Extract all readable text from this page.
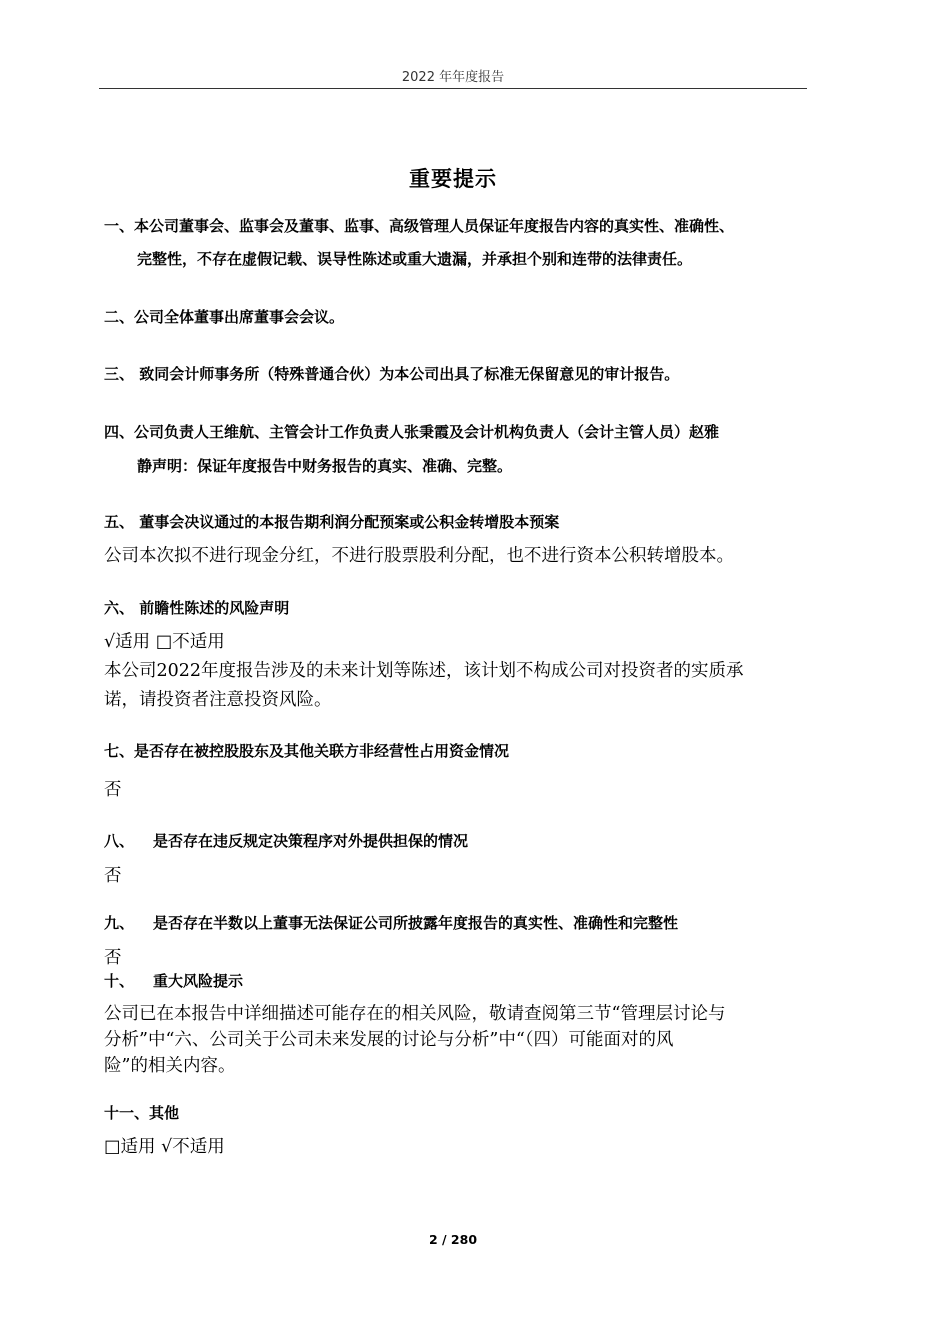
2022 年年度报告
重要提示
一、本公司董事会、监事会及董事、监事、高级管理人员保证年度报告内容的真实性、准确性、
完整性，不存在虚假记载、误导性陈述或重大遗漏，并承担个别和连带的法律责任。
二、公司全体董事出席董事会会议。
三、 致同会计师事务所（特殊普通合伙）为本公司出具了标准无保留意见的审计报告。
四、公司负责人王维航、主管会计工作负责人张秉霞及会计机构负责人（会计主管人员）赵雅
静声明：保证年度报告中财务报告的真实、准确、完整。
五、 董事会决议通过的本报告期利润分配预案或公积金转增股本预案
公司本次拟不进行现金分红，不进行股票股利分配，也不进行资本公积转增股本。
六、 前瞻性陈述的风险声明
√适用 □不适用
本公司2022年度报告涉及的未来计划等陈述，该计划不构成公司对投资者的实质承
诺，请投资者注意投资风险。
七、是否存在被控股股东及其他关联方非经营性占用资金情况
否
八、 是否存在违反规定决策程序对外提供担保的情况
否
九、 是否存在半数以上董事无法保证公司所披露年度报告的真实性、准确性和完整性
否
十、 重大风险提示
公司已在本报告中详细描述可能存在的相关风险，敬请查阅第三节“管理层讨论与
分析”中“六、公司关于公司未来发展的讨论与分析”中“（四）可能面对的风
险”的相关内容。
十一、其他
□适用 √不适用
2 / 280
